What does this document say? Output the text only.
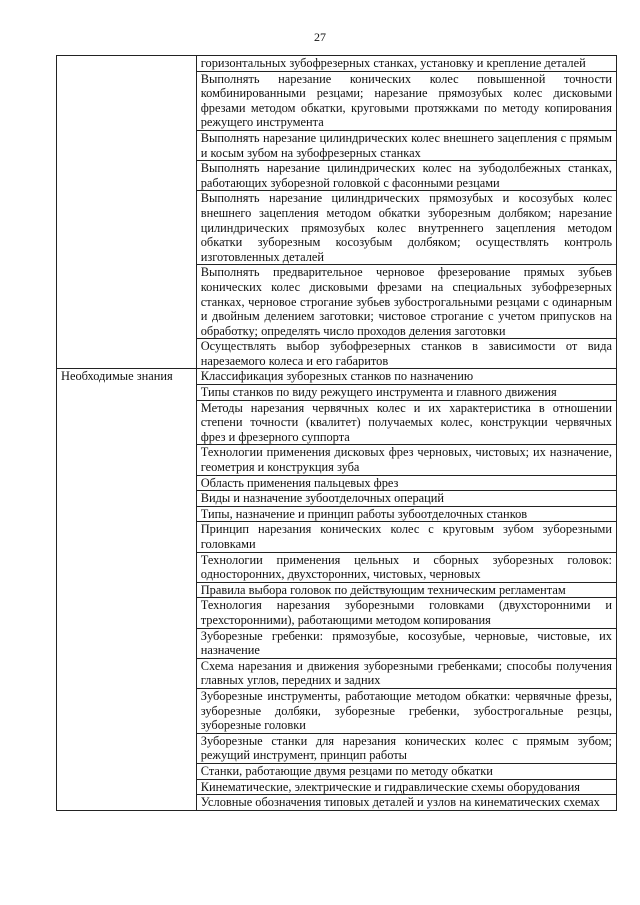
27
	горизонтальных зубофрезерных станках, установку и крепление деталей
	Выполнять нарезание конических колес повышенной точности комбинированными резцами; нарезание прямозубых колес дисковыми фрезами методом обкатки, круговыми протяжками по методу копирования режущего инструмента
	Выполнять нарезание цилиндрических колес внешнего зацепления с прямым и косым зубом на зубофрезерных станках
	Выполнять нарезание цилиндрических колес на зубодолбежных станках, работающих зуборезной головкой с фасонными резцами
	Выполнять нарезание цилиндрических прямозубых и косозубых колес внешнего зацепления методом обкатки зуборезным долбяком; нарезание цилиндрических прямозубых колес внутреннего зацепления методом обкатки зуборезным косозубым долбяком; осуществлять контроль изготовленных деталей
	Выполнять предварительное черновое фрезерование прямых зубьев конических колес дисковыми фрезами на специальных зубофрезерных станках, черновое строгание зубьев зубострогальными резцами с одинарным и двойным делением заготовки; чистовое строгание с учетом припусков на обработку; определять число проходов деления заготовки
	Осуществлять выбор зубофрезерных станков в зависимости от вида нарезаемого колеса и его габаритов
Необходимые знания	Классификация зуборезных станков по назначению
	Типы станков по виду режущего инструмента и главного движения
	Методы нарезания червячных колес и их характеристика в отношении степени точности (квалитет) получаемых колес, конструкции червячных фрез и фрезерного суппорта
	Технологии применения дисковых фрез черновых, чистовых; их назначение, геометрия и конструкция зуба
	Область применения пальцевых фрез
	Виды и назначение зубоотделочных операций
	Типы, назначение и принцип работы зубоотделочных станков
	Принцип нарезания конических колес с круговым зубом зуборезными головками
	Технологии применения цельных и сборных зуборезных головок: односторонних, двухсторонних, чистовых, черновых
	Правила выбора головок по действующим техническим регламентам
	Технология нарезания зуборезными головками (двухсторонними и трехсторонними), работающими методом копирования
	Зуборезные гребенки: прямозубые, косозубые, черновые, чистовые, их назначение
	Схема нарезания и движения зуборезными гребенками; способы получения главных углов, передних и задних
	Зуборезные инструменты, работающие методом обкатки: червячные фрезы, зуборезные долбяки, зуборезные гребенки, зубострогальные резцы, зуборезные головки
	Зуборезные станки для нарезания конических колес с прямым зубом; режущий инструмент, принцип работы
	Станки, работающие двумя резцами по методу обкатки
	Кинематические, электрические и гидравлические схемы оборудования
	Условные обозначения типовых деталей и узлов на кинематических схемах
